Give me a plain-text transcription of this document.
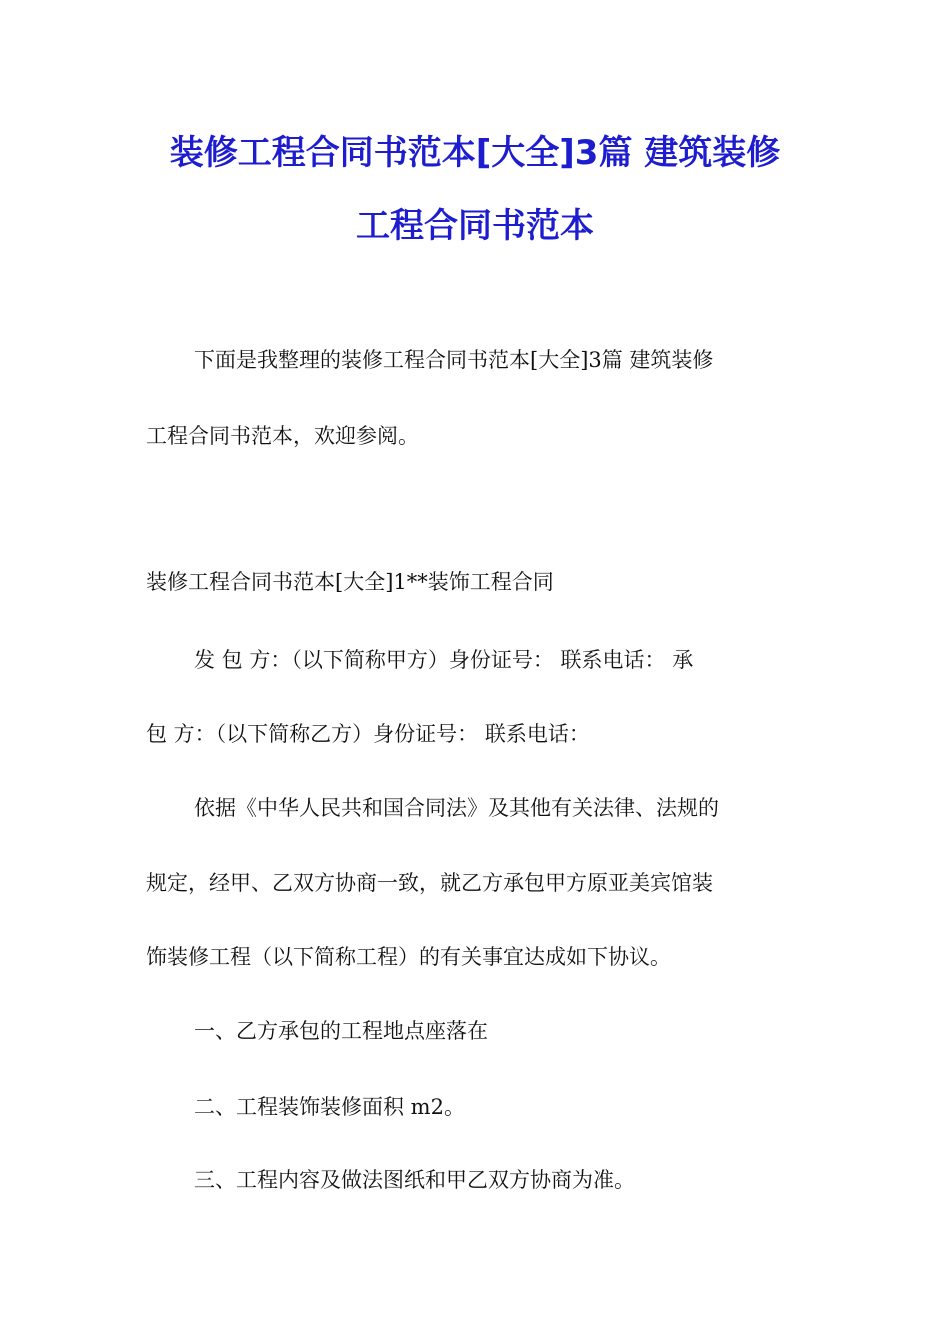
装修工程合同书范本[大全]3篇 建筑装修
工程合同书范本
下面是我整理的装修工程合同书范本[大全]3篇 建筑装修
工程合同书范本，欢迎参阅。
装修工程合同书范本[大全]1**装饰工程合同
发 包 方：（以下简称甲方）身份证号： 联系电话： 承
包 方：（以下简称乙方）身份证号： 联系电话：
依据《中华人民共和国合同法》及其他有关法律、法规的
规定，经甲、乙双方协商一致，就乙方承包甲方原亚美宾馆装
饰装修工程（以下简称工程）的有关事宜达成如下协议。
一、乙方承包的工程地点座落在
二、工程装饰装修面积 m2。
三、工程内容及做法图纸和甲乙双方协商为准。
